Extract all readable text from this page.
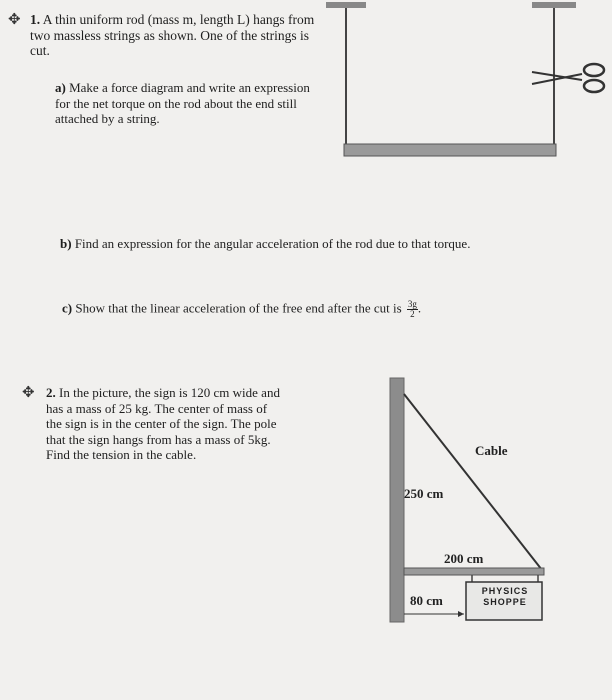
✥ 1. A thin uniform rod (mass m, length L) hangs from two massless strings as shown. One of the strings is cut.
a) Make a force diagram and write an expression for the net torque on the rod about the end still attached by a string.
b) Find an expression for the angular acceleration of the rod due to that torque.
c) Show that the linear acceleration of the free end after the cut is $\frac{3g}{2}$ .
✥ 2. In the picture, the sign is 120 cm wide and has a mass of 25 kg. The center of mass of the sign is in the center of the sign. The pole that the sign hangs from has a mass of 5kg. Find the tension in the cable.	Cable
250 cm
200 cm
80 cm
PHYSICS
SHOPPE
